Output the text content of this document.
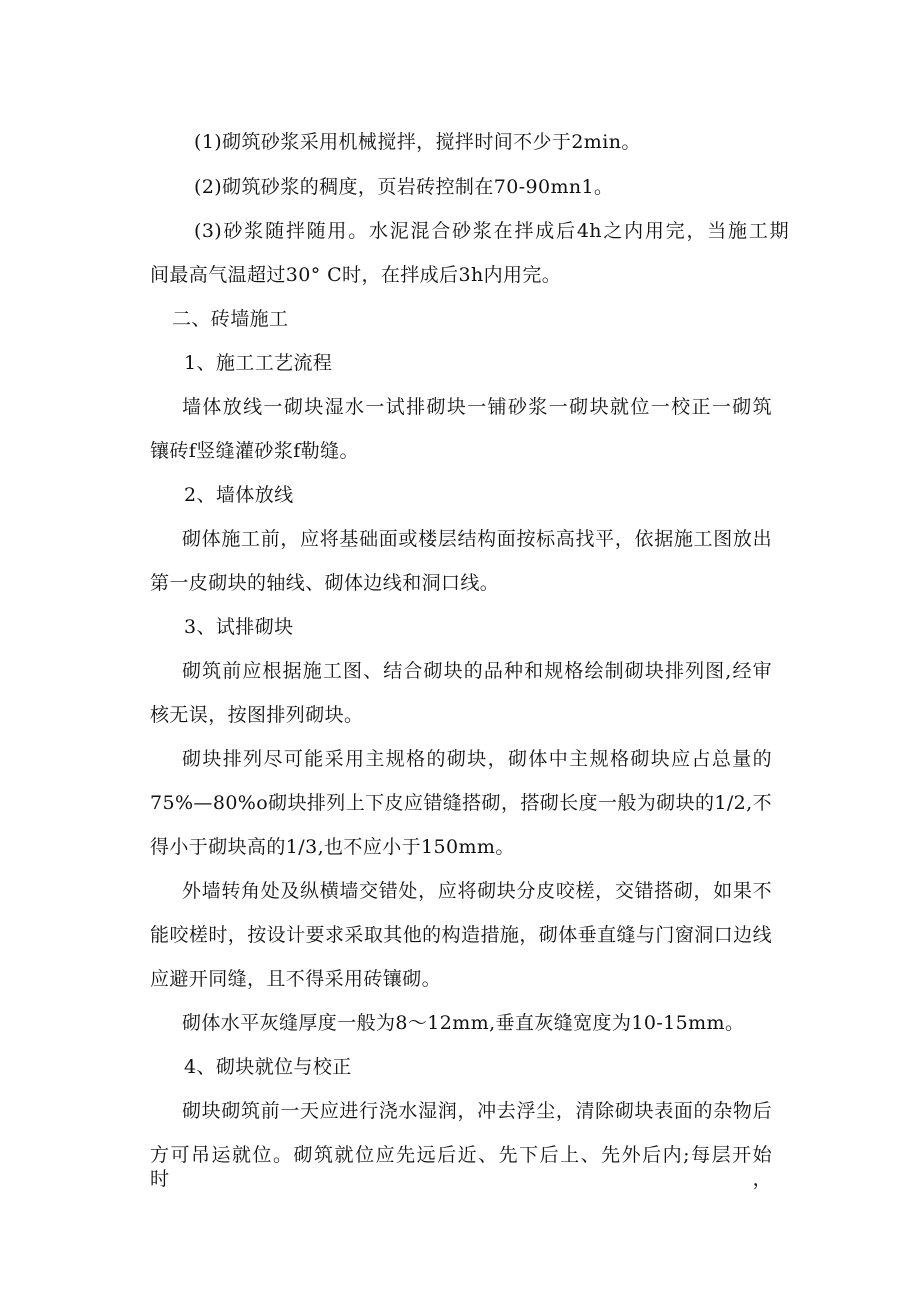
(1)砌筑砂浆采用机械搅拌，搅拌时间不少于2min。
(2)砌筑砂浆的稠度，页岩砖控制在70-90mn1。
(3)砂浆随拌随用。水泥混合砂浆在拌成后4h之内用完，当施工期
间最高气温超过30° C时，在拌成后3h内用完。
二、砖墙施工
1、施工工艺流程
墙体放线一砌块湿水一试排砌块一铺砂浆一砌块就位一校正一砌筑
镶砖f竖缝灌砂浆f勒缝。
2、墙体放线
砌体施工前，应将基础面或楼层结构面按标高找平，依据施工图放出
第一皮砌块的轴线、砌体边线和洞口线。
3、试排砌块
砌筑前应根据施工图、结合砌块的品种和规格绘制砌块排列图,经审
核无误，按图排列砌块。
砌块排列尽可能采用主规格的砌块，砌体中主规格砌块应占总量的
75%—80%o砌块排列上下皮应错缝搭砌，搭砌长度一般为砌块的1/2,不
得小于砌块高的1/3,也不应小于150mm。
外墙转角处及纵横墙交错处，应将砌块分皮咬槎，交错搭砌，如果不
能咬槎时，按设计要求采取其他的构造措施，砌体垂直缝与门窗洞口边线
应避开同缝，且不得采用砖镶砌。
砌体水平灰缝厚度一般为8～12mm,垂直灰缝宽度为10-15mm。
4、砌块就位与校正
砌块砌筑前一天应进行浇水湿润，冲去浮尘，清除砌块表面的杂物后
方可吊运就位。砌筑就位应先远后近、先下后上、先外后内;每层开始时，
